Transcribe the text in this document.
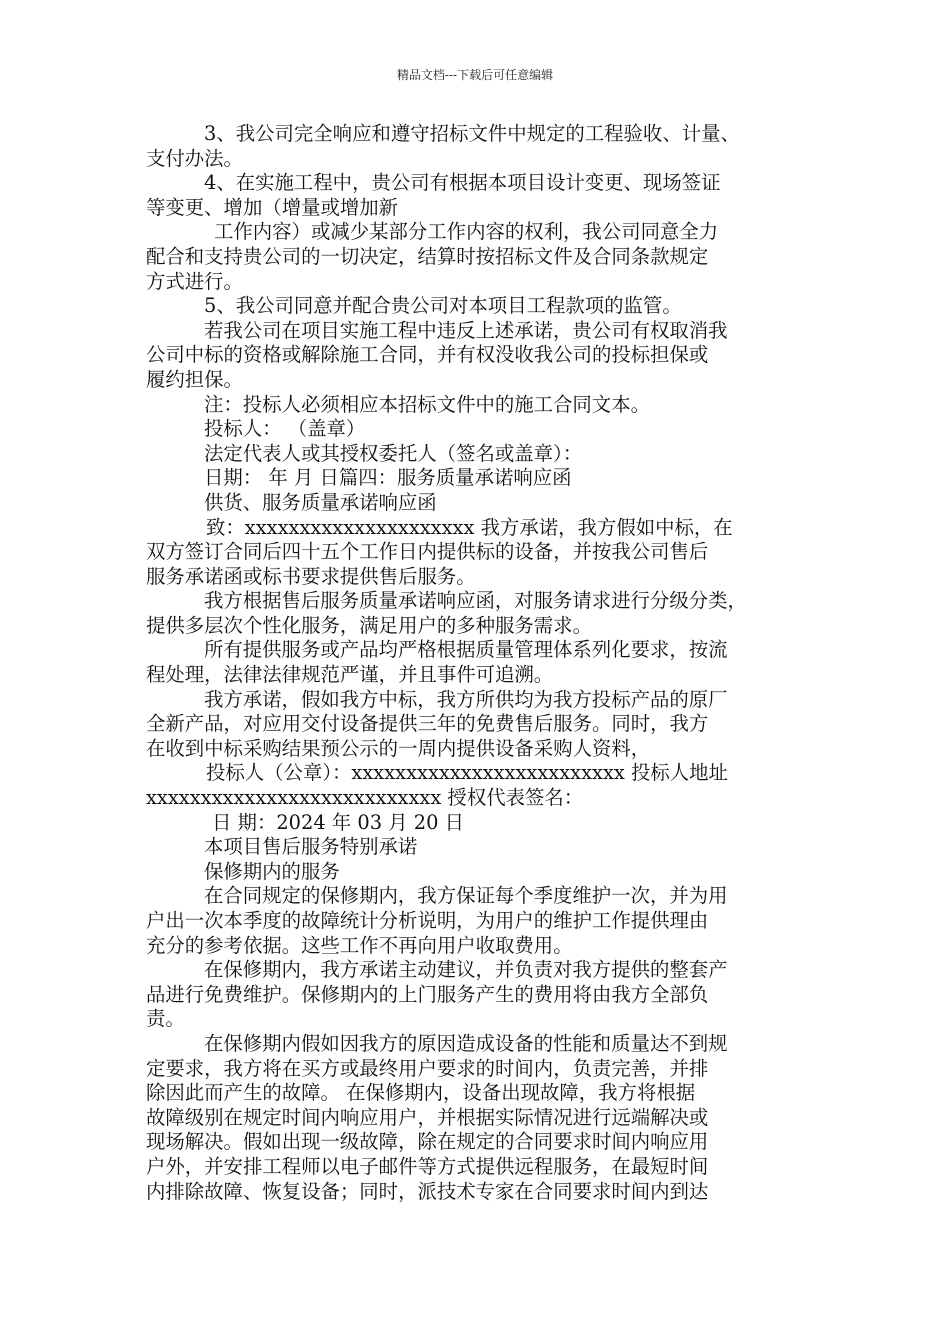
精品文档---下载后可任意编辑
3、我公司完全响应和遵守招标文件中规定的工程验收、计量、
支付办法。
4、在实施工程中，贵公司有根据本项目设计变更、现场签证
等变更、增加（增量或增加新
工作内容）或减少某部分工作内容的权利，我公司同意全力
配合和支持贵公司的一切决定，结算时按招标文件及合同条款规定
方式进行。
5、我公司同意并配合贵公司对本项目工程款项的监管。
若我公司在项目实施工程中违反上述承诺，贵公司有权取消我
公司中标的资格或解除施工合同，并有权没收我公司的投标担保或
履约担保。
注：投标人必须相应本招标文件中的施工合同文本。
投标人： （盖章）
法定代表人或其授权委托人（签名或盖章）：
日期： 年 月 日篇四：服务质量承诺响应函
供货、服务质量承诺响应函
致：xxxxxxxxxxxxxxxxxxxxx 我方承诺，我方假如中标，在
双方签订合同后四十五个工作日内提供标的设备，并按我公司售后
服务承诺函或标书要求提供售后服务。
我方根据售后服务质量承诺响应函，对服务请求进行分级分类，
提供多层次个性化服务，满足用户的多种服务需求。
所有提供服务或产品均严格根据质量管理体系列化要求，按流
程处理，法律法律规范严谨，并且事件可追溯。
我方承诺，假如我方中标，我方所供均为我方投标产品的原厂
全新产品，对应用交付设备提供三年的免费售后服务。同时，我方
在收到中标采购结果预公示的一周内提供设备采购人资料，
投标人（公章）：xxxxxxxxxxxxxxxxxxxxxxxxx 投标人地址
xxxxxxxxxxxxxxxxxxxxxxxxxxx 授权代表签名：
日 期：2024 年 03 月 20 日
本项目售后服务特别承诺
保修期内的服务
在合同规定的保修期内，我方保证每个季度维护一次，并为用
户出一次本季度的故障统计分析说明，为用户的维护工作提供理由
充分的参考依据。这些工作不再向用户收取费用。
在保修期内，我方承诺主动建议，并负责对我方提供的整套产
品进行免费维护。保修期内的上门服务产生的费用将由我方全部负
责。
在保修期内假如因我方的原因造成设备的性能和质量达不到规
定要求，我方将在买方或最终用户要求的时间内，负责完善，并排
除因此而产生的故障。 在保修期内，设备出现故障，我方将根据
故障级别在规定时间内响应用户，并根据实际情况进行远端解决或
现场解决。假如出现一级故障，除在规定的合同要求时间内响应用
户外，并安排工程师以电子邮件等方式提供远程服务，在最短时间
内排除故障、恢复设备；同时，派技术专家在合同要求时间内到达
